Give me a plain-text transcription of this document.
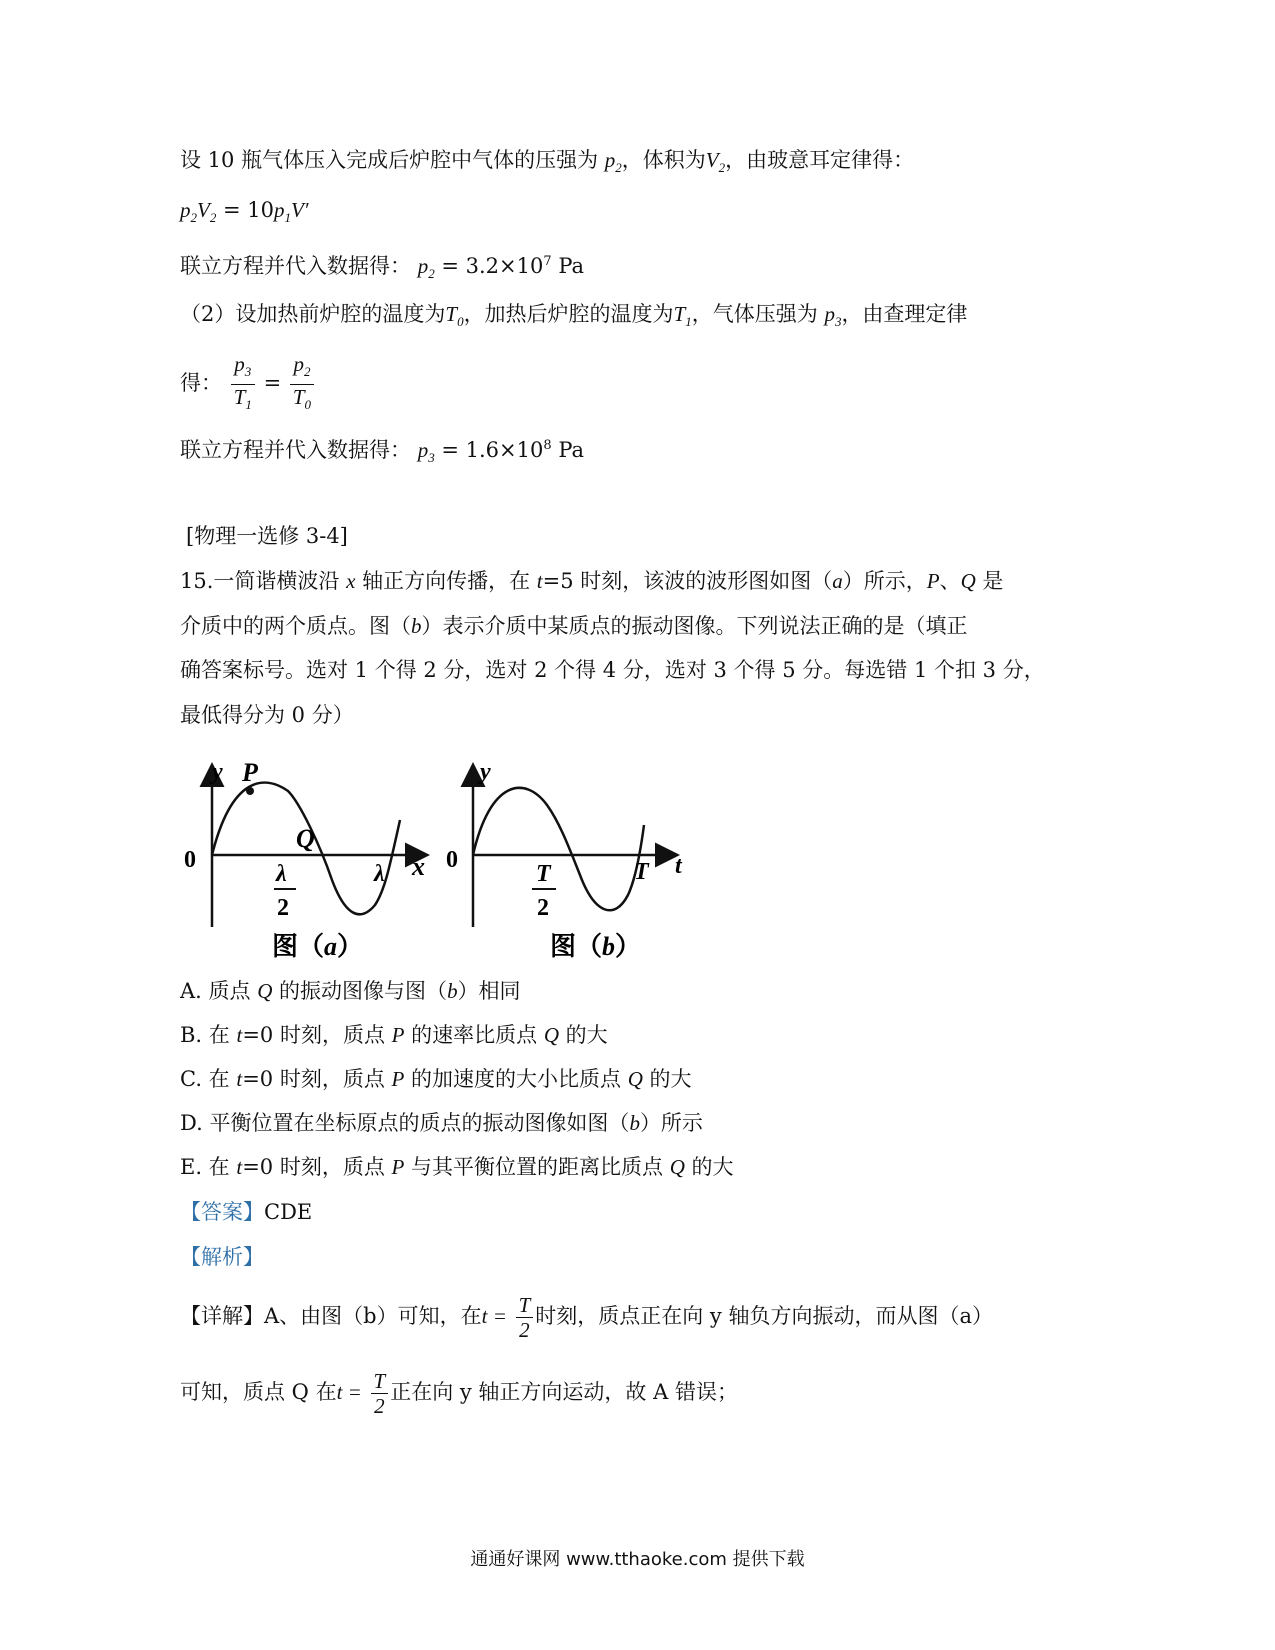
设 10 瓶气体压入完成后炉腔中气体的压强为 $p_2$，体积为$V_2$，由玻意耳定律得：
$p_2V_2 = 10p_1V'$
联立方程并代入数据得： $p_2 = 3.2\times 10^7$ Pa
（2）设加热前炉腔的温度为$T_0$，加热后炉腔的温度为$T_1$，气体压强为 $p_3$，由查理定律
得： $\frac{p_3}{T_1} = \frac{p_2}{T_0}$
联立方程并代入数据得： $p_3 = 1.6\times 10^8$ Pa
[物理一选修 3-4]
15.一简谐横波沿 x 轴正方向传播，在 t=5 时刻，该波的波形图如图（a）所示，P、Q 是
介质中的两个质点。图（b）表示介质中某质点的振动图像。下列说法正确的是（填正
确答案标号。选对 1 个得 2 分，选对 2 个得 4 分，选对 3 个得 5 分。每选错 1 个扣 3 分，
最低得分为 0 分）
y P
Q
0	x
λ
2
λ
图（a）
y
0	t
T
2
T
图（b）
A. 质点 Q 的振动图像与图（b）相同
B. 在 t=0 时刻，质点 P 的速率比质点 Q 的大
C. 在 t=0 时刻，质点 P 的加速度的大小比质点 Q 的大
D. 平衡位置在坐标原点的质点的振动图像如图（b）所示
E. 在 t=0 时刻，质点 P 与其平衡位置的距离比质点 Q 的大
【答案】CDE
【解析】
【详解】A、由图（b）可知，在$t = \frac{T}{2}$ 时刻，质点正在向 y 轴负方向振动，而从图（a）
可知，质点 Q 在$t = \frac{T}{2}$ 正在向 y 轴正方向运动，故 A 错误；
通通好课网 www.tthaoke.com 提供下载
